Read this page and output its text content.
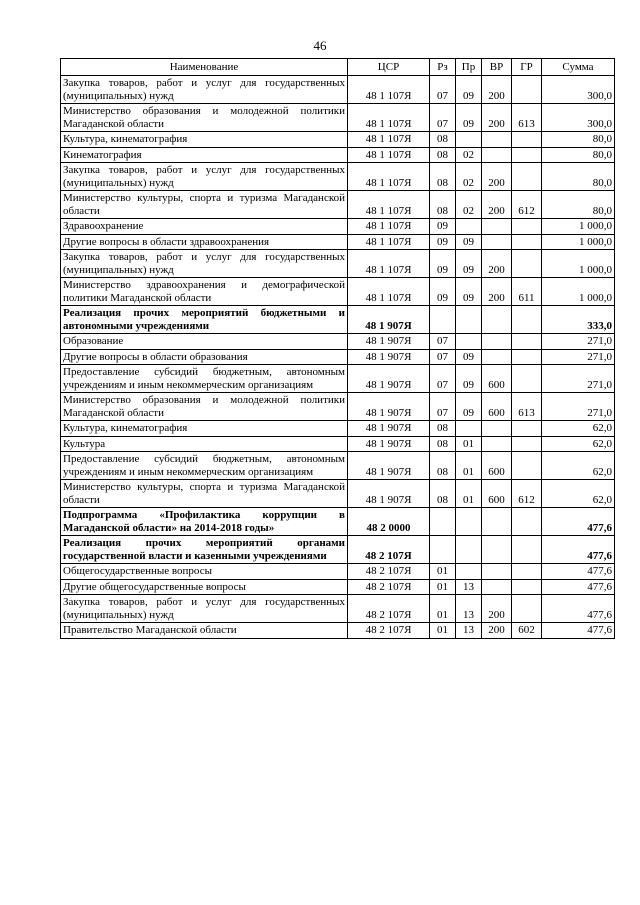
46
Наименование	ЦСР	Рз	Пр	ВР	ГР	Сумма
Закупка товаров, работ и услуг для государственных (муниципальных) нужд	48 1 107Я	07	09	200		300,0
Министерство образования и молодежной политики Магаданской области	48 1 107Я	07	09	200	613	300,0
Культура, кинематография	48 1 107Я	08				80,0
Кинематография	48 1 107Я	08	02			80,0
Закупка товаров, работ и услуг для государственных (муниципальных) нужд	48 1 107Я	08	02	200		80,0
Министерство культуры, спорта и туризма Магаданской области	48 1 107Я	08	02	200	612	80,0
Здравоохранение	48 1 107Я	09				1 000,0
Другие вопросы в области здравоохранения	48 1 107Я	09	09			1 000,0
Закупка товаров, работ и услуг для государственных (муниципальных) нужд	48 1 107Я	09	09	200		1 000,0
Министерство здравоохранения и демографической политики Магаданской области	48 1 107Я	09	09	200	611	1 000,0
Реализация прочих мероприятий бюджетными и автономными учреждениями	48 1 907Я					333,0
Образование	48 1 907Я	07				271,0
Другие вопросы в области образования	48 1 907Я	07	09			271,0
Предоставление субсидий бюджетным, автономным учреждениям и иным некоммерческим организациям	48 1 907Я	07	09	600		271,0
Министерство образования и молодежной политики Магаданской области	48 1 907Я	07	09	600	613	271,0
Культура, кинематография	48 1 907Я	08				62,0
Культура	48 1 907Я	08	01			62,0
Предоставление субсидий бюджетным, автономным учреждениям и иным некоммерческим организациям	48 1 907Я	08	01	600		62,0
Министерство культуры, спорта и туризма Магаданской области	48 1 907Я	08	01	600	612	62,0
Подпрограмма «Профилактика коррупции в Магаданской области» на 2014-2018 годы»	48 2 0000					477,6
Реализация прочих мероприятий органами государственной власти и казенными учреждениями	48 2 107Я					477,6
Общегосударственные вопросы	48 2 107Я	01				477,6
Другие общегосударственные вопросы	48 2 107Я	01	13			477,6
Закупка товаров, работ и услуг для государственных (муниципальных) нужд	48 2 107Я	01	13	200		477,6
Правительство Магаданской области	48 2 107Я	01	13	200	602	477,6
